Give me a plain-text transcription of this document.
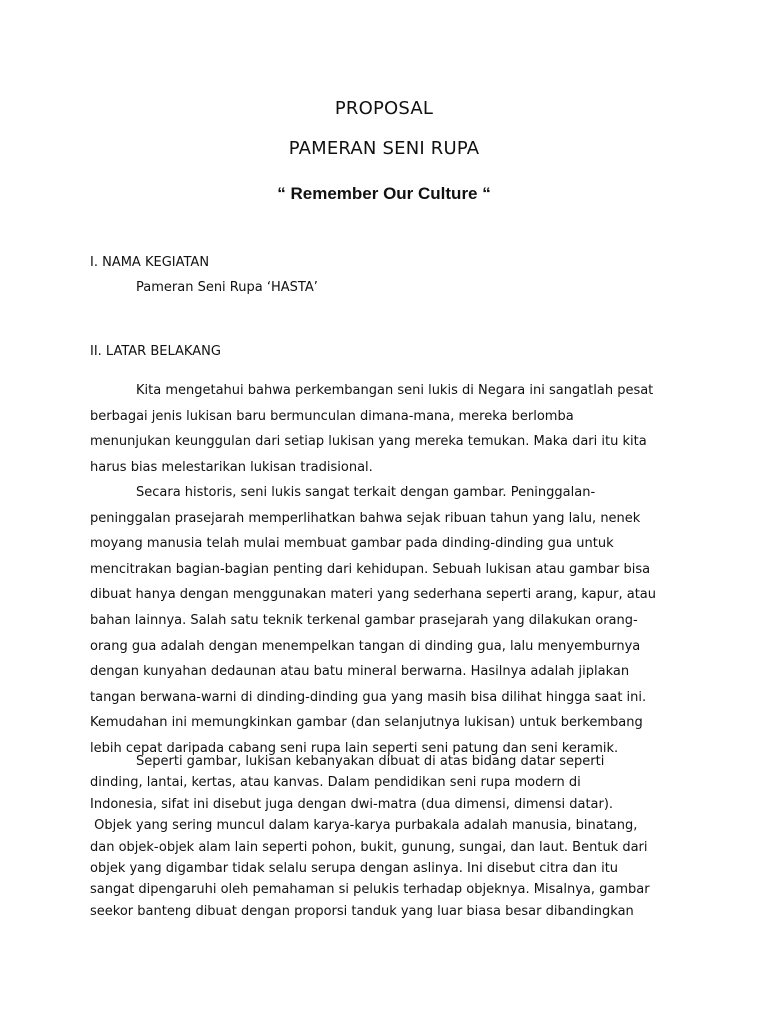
PROPOSAL
PAMERAN SENI RUPA
“ Remember Our Culture “
I. NAMA KEGIATAN
Pameran Seni Rupa ‘HASTA’
II. LATAR BELAKANG
Kita mengetahui bahwa perkembangan seni lukis di Negara ini sangatlah pesat
berbagai jenis lukisan baru bermunculan dimana-mana, mereka berlomba
menunjukan keunggulan dari setiap lukisan yang mereka temukan. Maka dari itu kita
harus bias melestarikan lukisan tradisional.
Secara historis, seni lukis sangat terkait dengan gambar. Peninggalan-
peninggalan prasejarah memperlihatkan bahwa sejak ribuan tahun yang lalu, nenek
moyang manusia telah mulai membuat gambar pada dinding-dinding gua untuk
mencitrakan bagian-bagian penting dari kehidupan. Sebuah lukisan atau gambar bisa
dibuat hanya dengan menggunakan materi yang sederhana seperti arang, kapur, atau
bahan lainnya. Salah satu teknik terkenal gambar prasejarah yang dilakukan orang-
orang gua adalah dengan menempelkan tangan di dinding gua, lalu menyemburnya
dengan kunyahan dedaunan atau batu mineral berwarna. Hasilnya adalah jiplakan
tangan berwana-warni di dinding-dinding gua yang masih bisa dilihat hingga saat ini.
Kemudahan ini memungkinkan gambar (dan selanjutnya lukisan) untuk berkembang
lebih cepat daripada cabang seni rupa lain seperti seni patung dan seni keramik.
Seperti gambar, lukisan kebanyakan dibuat di atas bidang datar seperti
dinding, lantai, kertas, atau kanvas. Dalam pendidikan seni rupa modern di
Indonesia, sifat ini disebut juga dengan dwi-matra (dua dimensi, dimensi datar).
Objek yang sering muncul dalam karya-karya purbakala adalah manusia, binatang,
dan objek-objek alam lain seperti pohon, bukit, gunung, sungai, dan laut. Bentuk dari
objek yang digambar tidak selalu serupa dengan aslinya. Ini disebut citra dan itu
sangat dipengaruhi oleh pemahaman si pelukis terhadap objeknya. Misalnya, gambar
seekor banteng dibuat dengan proporsi tanduk yang luar biasa besar dibandingkan
